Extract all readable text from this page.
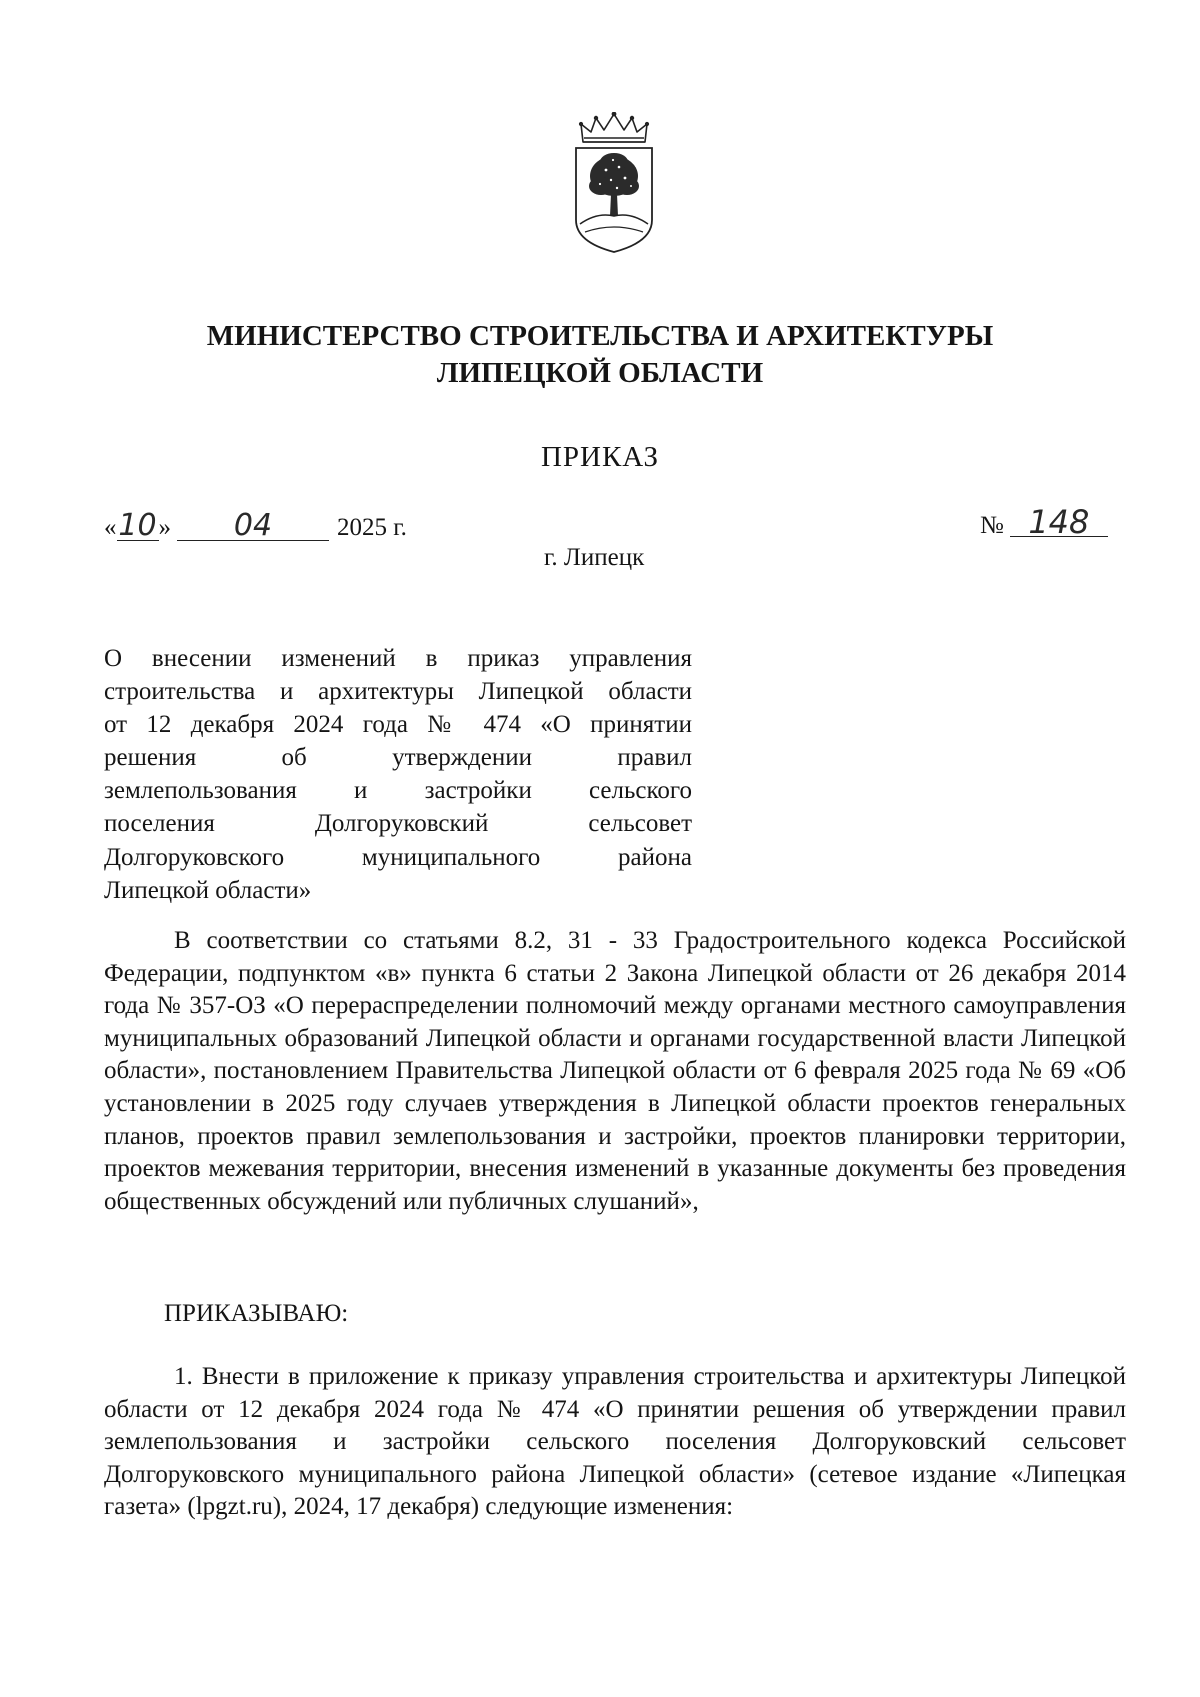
МИНИСТЕРСТВО СТРОИТЕЛЬСТВА И АРХИТЕКТУРЫ
ЛИПЕЦКОЙ ОБЛАСТИ
ПРИКАЗ
«10» 04	2025 г.	№ 148
г. Липецк
О внесении изменений в приказ управления
строительства и архитектуры Липецкой области
от 12 декабря 2024 года № 474 «О принятии
решения об утверждении правил
землепользования и застройки сельского
поселения Долгоруковский сельсовет
Долгоруковского муниципального района
Липецкой области»
В соответствии со статьями 8.2, 31 - 33 Градостроительного кодекса Российской Федерации, подпунктом «в» пункта 6 статьи 2 Закона Липецкой области от 26 декабря 2014 года № 357-ОЗ «О перераспределении полномочий между органами местного самоуправления муниципальных образований Липецкой области и органами государственной власти Липецкой области», постановлением Правительства Липецкой области от 6 февраля 2025 года № 69 «Об установлении в 2025 году случаев утверждения в Липецкой области проектов генеральных планов, проектов правил землепользования и застройки, проектов планировки территории, проектов межевания территории, внесения изменений в указанные документы без проведения общественных обсуждений или публичных слушаний»,
ПРИКАЗЫВАЮ:
1. Внести в приложение к приказу управления строительства и архитектуры Липецкой области от 12 декабря 2024 года № 474 «О принятии решения об утверждении правил землепользования и застройки сельского поселения Долгоруковский сельсовет Долгоруковского муниципального района Липецкой области» (сетевое издание «Липецкая газета» (lpgzt.ru), 2024, 17 декабря) следующие изменения:
